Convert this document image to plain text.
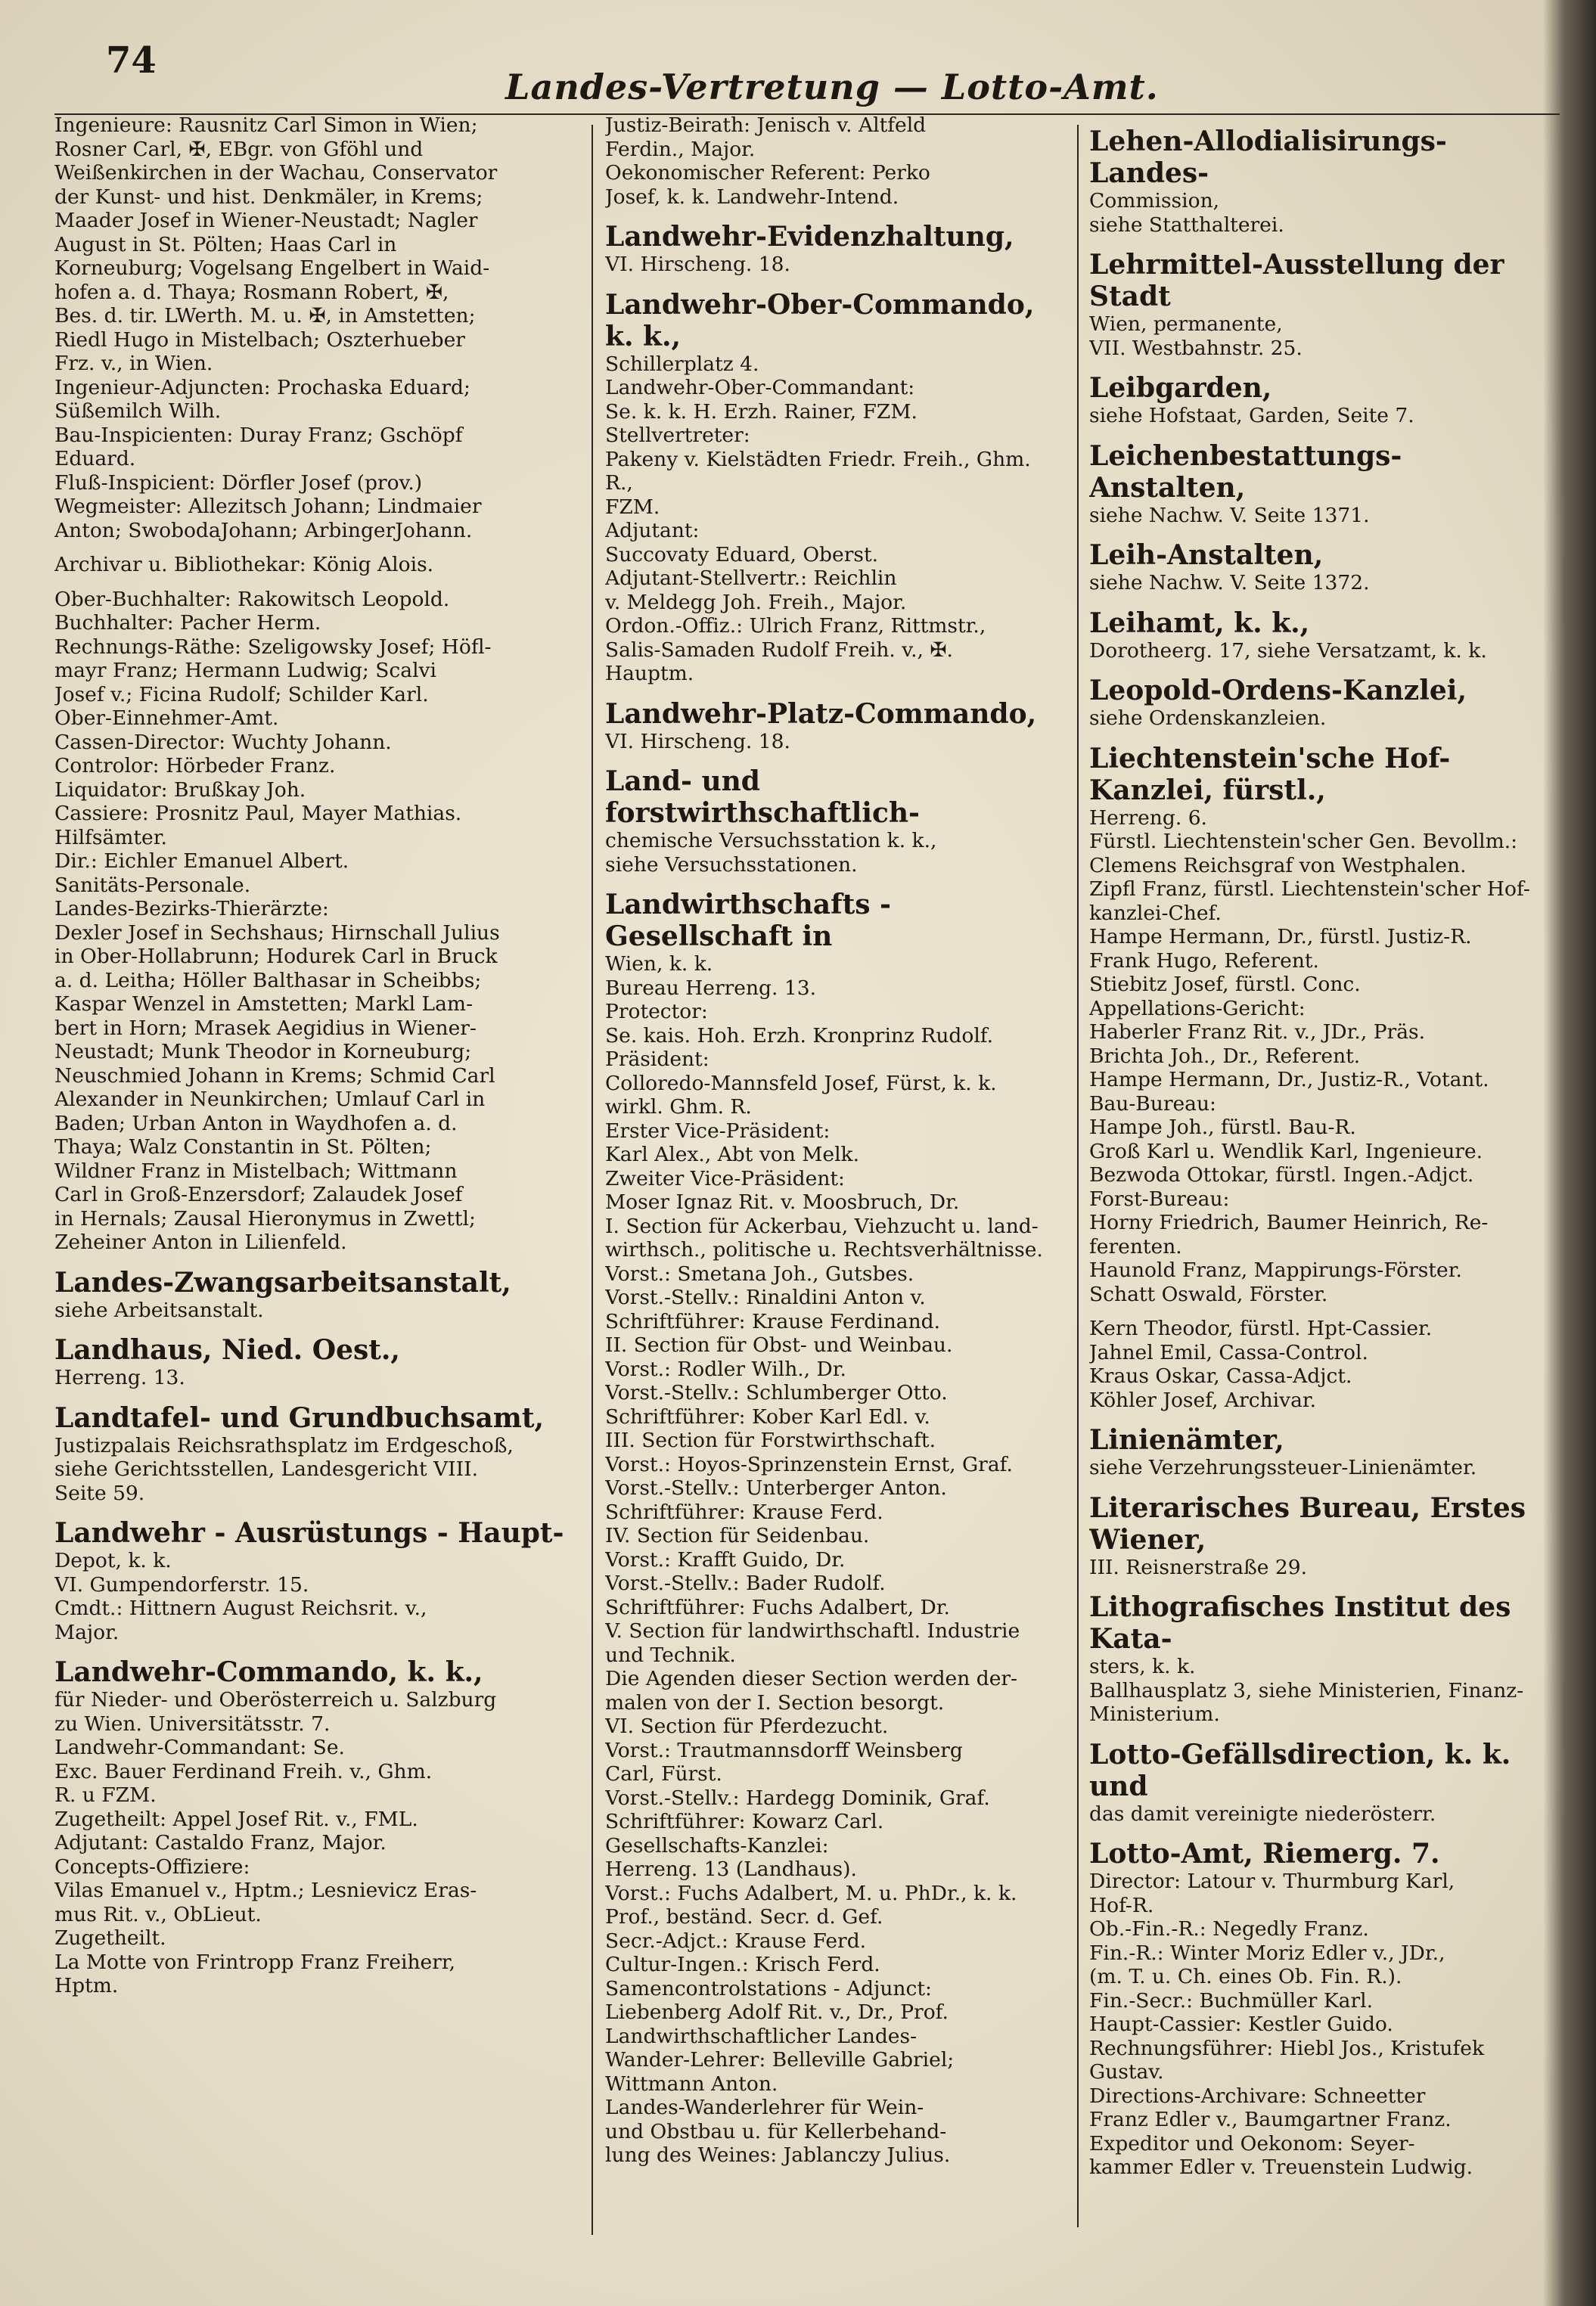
74
Landes-Vertretung — Lotto-Amt.

Ingenieure: Rausnitz Carl Simon in Wien;

Rosner Carl, ✠, EBgr. von Gföhl und

Weißenkirchen in der Wachau, Conservator

der Kunst- und hist. Denkmäler, in Krems;

Maader Josef in Wiener-Neustadt; Nagler

August in St. Pölten; Haas Carl in

Korneuburg; Vogelsang Engelbert in Waid-

hofen a. d. Thaya; Rosmann Robert, ✠,

Bes. d. tir. LWerth. M. u. ✠, in Amstetten;

Riedl Hugo in Mistelbach; Oszterhueber

Frz. v., in Wien.

Ingenieur-Adjuncten: Prochaska Eduard;

Süßemilch Wilh.

Bau-Inspicienten: Duray Franz; Gschöpf

Eduard.

Fluß-Inspicient: Dörfler Josef (prov.)

Wegmeister: Allezitsch Johann; Lindmaier

Anton; SwobodaJohann; ArbingerJohann.

Archivar u. Bibliothekar: König Alois.

Ober-Buchhalter: Rakowitsch Leopold.

Buchhalter: Pacher Herm.

Rechnungs-Räthe: Szeligowsky Josef; Höfl-

mayr Franz; Hermann Ludwig; Scalvi

Josef v.; Ficina Rudolf; Schilder Karl.

Ober-Einnehmer-Amt.

Cassen-Director: Wuchty Johann.

Controlor: Hörbeder Franz.

Liquidator: Brußkay Joh.

Cassiere: Prosnitz Paul, Mayer Mathias.

Hilfsämter.

Dir.: Eichler Emanuel Albert.

Sanitäts-Personale.

Landes-Bezirks-Thierärzte:

Dexler Josef in Sechshaus; Hirnschall Julius

in Ober-Hollabrunn; Hodurek Carl in Bruck

a. d. Leitha; Höller Balthasar in Scheibbs;

Kaspar Wenzel in Amstetten; Markl Lam-

bert in Horn; Mrasek Aegidius in Wiener-

Neustadt; Munk Theodor in Korneuburg;

Neuschmied Johann in Krems; Schmid Carl

Alexander in Neunkirchen; Umlauf Carl in

Baden; Urban Anton in Waydhofen a. d.

Thaya; Walz Constantin in St. Pölten;

Wildner Franz in Mistelbach; Wittmann

Carl in Groß-Enzersdorf; Zalaudek Josef

in Hernals; Zausal Hieronymus in Zwettl;

Zeheiner Anton in Lilienfeld.

Landes-Zwangsarbeitsanstalt,

siehe Arbeitsanstalt.

Landhaus, Nied. Oest.,

Herreng. 13.

Landtafel- und Grundbuchsamt,

Justizpalais Reichsrathsplatz im Erdgeschoß,

siehe Gerichtsstellen, Landesgericht VIII.

Seite 59.

Landwehr - Ausrüstungs - Haupt-

Depot, k. k.

VI. Gumpendorferstr. 15.

Cmdt.: Hittnern August Reichsrit. v.,

Major.

Landwehr-Commando, k. k.,

für Nieder- und Oberösterreich u. Salzburg

zu Wien. Universitätsstr. 7.

Landwehr-Commandant: Se.

Exc. Bauer Ferdinand Freih. v., Ghm.

R. u FZM.

Zugetheilt: Appel Josef Rit. v., FML.

Adjutant: Castaldo Franz, Major.

Concepts-Offiziere:

Vilas Emanuel v., Hptm.; Lesnievicz Eras-

mus Rit. v., ObLieut.

Zugetheilt.

La Motte von Frintropp Franz Freiherr,

Hptm.

Justiz-Beirath: Jenisch v. Altfeld

Ferdin., Major.

Oekonomischer Referent: Perko

Josef, k. k. Landwehr-Intend.

Landwehr-Evidenzhaltung,

VI. Hirscheng. 18.

Landwehr-Ober-Commando, k. k.,

Schillerplatz 4.

Landwehr-Ober-Commandant:

Se. k. k. H. Erzh. Rainer, FZM.

Stellvertreter:

Pakeny v. Kielstädten Friedr. Freih., Ghm. R.,

FZM.

Adjutant:

Succovaty Eduard, Oberst.

Adjutant-Stellvertr.: Reichlin

v. Meldegg Joh. Freih., Major.

Ordon.-Offiz.: Ulrich Franz, Rittmstr.,

Salis-Samaden Rudolf Freih. v., ✠.

Hauptm.

Landwehr-Platz-Commando,

VI. Hirscheng. 18.

Land- und forstwirthschaftlich-

chemische Versuchsstation k. k.,

siehe Versuchsstationen.

Landwirthschafts - Gesellschaft in

Wien, k. k.

Bureau Herreng. 13.

Protector:

Se. kais. Hoh. Erzh. Kronprinz Rudolf.

Präsident:

Colloredo-Mannsfeld Josef, Fürst, k. k.

wirkl. Ghm. R.

Erster Vice-Präsident:

Karl Alex., Abt von Melk.

Zweiter Vice-Präsident:

Moser Ignaz Rit. v. Moosbruch, Dr.

I. Section für Ackerbau, Viehzucht u. land-

wirthsch., politische u. Rechtsverhältnisse.

Vorst.: Smetana Joh., Gutsbes.

Vorst.-Stellv.: Rinaldini Anton v.

Schriftführer: Krause Ferdinand.

II. Section für Obst- und Weinbau.

Vorst.: Rodler Wilh., Dr.

Vorst.-Stellv.: Schlumberger Otto.

Schriftführer: Kober Karl Edl. v.

III. Section für Forstwirthschaft.

Vorst.: Hoyos-Sprinzenstein Ernst, Graf.

Vorst.-Stellv.: Unterberger Anton.

Schriftführer: Krause Ferd.

IV. Section für Seidenbau.

Vorst.: Krafft Guido, Dr.

Vorst.-Stellv.: Bader Rudolf.

Schriftführer: Fuchs Adalbert, Dr.

V. Section für landwirthschaftl. Industrie

und Technik.

Die Agenden dieser Section werden der-

malen von der I. Section besorgt.

VI. Section für Pferdezucht.

Vorst.: Trautmannsdorff Weinsberg

Carl, Fürst.

Vorst.-Stellv.: Hardegg Dominik, Graf.

Schriftführer: Kowarz Carl.

Gesellschafts-Kanzlei:

Herreng. 13 (Landhaus).

Vorst.: Fuchs Adalbert, M. u. PhDr., k. k.

Prof., beständ. Secr. d. Gef.

Secr.-Adjct.: Krause Ferd.

Cultur-Ingen.: Krisch Ferd.

Samencontrolstations - Adjunct:

Liebenberg Adolf Rit. v., Dr., Prof.

Landwirthschaftlicher Landes-

Wander-Lehrer: Belleville Gabriel;

Wittmann Anton.

Landes-Wanderlehrer für Wein-

und Obstbau u. für Kellerbehand-

lung des Weines: Jablanczy Julius.

Lehen-Allodialisirungs-Landes-

Commission,

siehe Statthalterei.

Lehrmittel-Ausstellung der Stadt

Wien, permanente,

VII. Westbahnstr. 25.

Leibgarden,

siehe Hofstaat, Garden, Seite 7.

Leichenbestattungs-Anstalten,

siehe Nachw. V. Seite 1371.

Leih-Anstalten,

siehe Nachw. V. Seite 1372.

Leihamt, k. k.,

Dorotheerg. 17, siehe Versatzamt, k. k.

Leopold-Ordens-Kanzlei,

siehe Ordenskanzleien.

Liechtenstein'sche Hof-Kanzlei, fürstl.,

Herreng. 6.

Fürstl. Liechtenstein'scher Gen. Bevollm.:

Clemens Reichsgraf von Westphalen.

Zipfl Franz, fürstl. Liechtenstein'scher Hof-

kanzlei-Chef.

Hampe Hermann, Dr., fürstl. Justiz-R.

Frank Hugo, Referent.

Stiebitz Josef, fürstl. Conc.

Appellations-Gericht:

Haberler Franz Rit. v., JDr., Präs.

Brichta Joh., Dr., Referent.

Hampe Hermann, Dr., Justiz-R., Votant.

Bau-Bureau:

Hampe Joh., fürstl. Bau-R.

Groß Karl u. Wendlik Karl, Ingenieure.

Bezwoda Ottokar, fürstl. Ingen.-Adjct.

Forst-Bureau:

Horny Friedrich, Baumer Heinrich, Re-

ferenten.

Haunold Franz, Mappirungs-Förster.

Schatt Oswald, Förster.

Kern Theodor, fürstl. Hpt-Cassier.

Jahnel Emil, Cassa-Control.

Kraus Oskar, Cassa-Adjct.

Köhler Josef, Archivar.

Linienämter,

siehe Verzehrungssteuer-Linienämter.

Literarisches Bureau, Erstes Wiener,

III. Reisnerstraße 29.

Lithografisches Institut des Kata-

sters, k. k.

Ballhausplatz 3, siehe Ministerien, Finanz-

Ministerium.

Lotto-Gefällsdirection, k. k. und

das damit vereinigte niederösterr.

Lotto-Amt, Riemerg. 7.

Director: Latour v. Thurmburg Karl,

Hof-R.

Ob.-Fin.-R.: Negedly Franz.

Fin.-R.: Winter Moriz Edler v., JDr.,

(m. T. u. Ch. eines Ob. Fin. R.).

Fin.-Secr.: Buchmüller Karl.

Haupt-Cassier: Kestler Guido.

Rechnungsführer: Hiebl Jos., Kristufek

Gustav.

Directions-Archivare: Schneetter

Franz Edler v., Baumgartner Franz.

Expeditor und Oekonom: Seyer-

kammer Edler v. Treuenstein Ludwig.
